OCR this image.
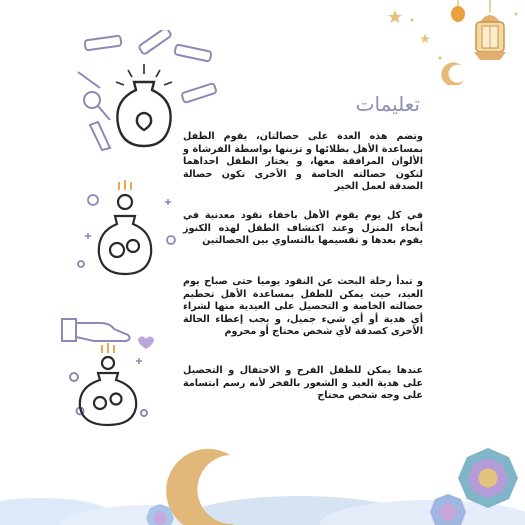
تعليمات
وتضم هذه العدة على حصالتان، يقوم الطفل بمساعدة الأهل بطلائها و تزينها بواسطة الفرشاة و الألوان المرافقة معها، و يختار الطفل احداهما لتكون حصالته الخاصة و الأخرى تكون حصالة الصدقة لعمل الخير
في كل يوم يقوم الأهل باخفاء نقود معدنية في أنحاء المنزل وعند اكتشاف الطفل لهذه الكنوز يقوم بعدها و تقسيمها بالتساوي بين الحصالتين
و تبدأ رحلة البحث عن النقود يوميا حتى صباح يوم العيد، حيث يمكن للطفل بمساعدة الأهل تحطيم حصالته الخاصة و التحصيل على العيدية منها لشراء أي هدية أو أي شيء جميل، و يجب إعطاء الحالة الأخرى كصدقة لأي شخص محتاج أو محروم
عندها يمكن للطفل الفرح و الاحتفال و التحصيل على هدية العيد و الشعور بالفخر لأنه رسم ابتسامة على وجه شخص محتاج
